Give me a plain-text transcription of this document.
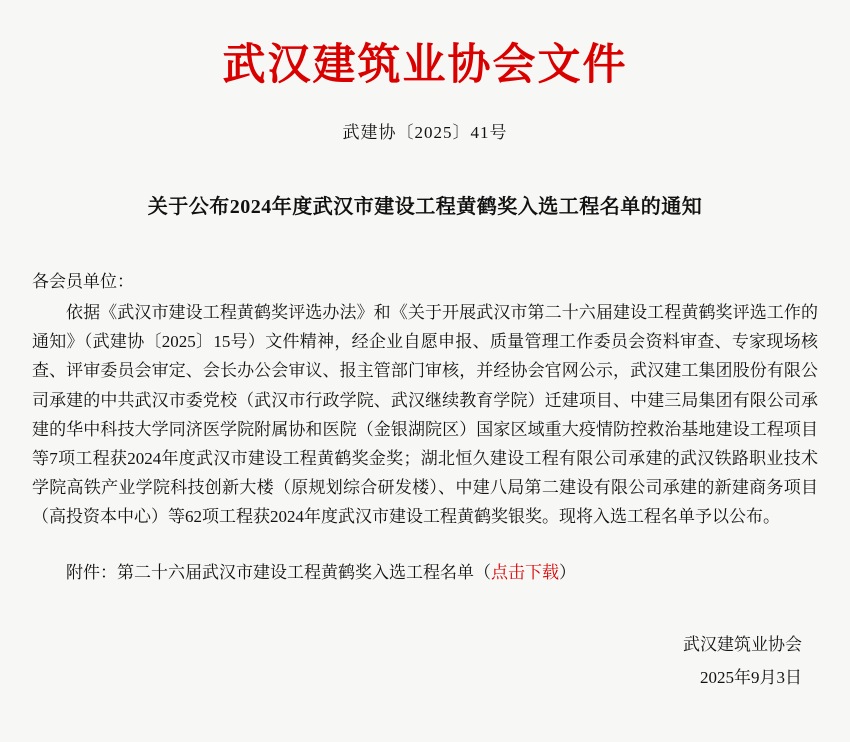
武汉建筑业协会文件
武建协〔2025〕41号
关于公布2024年度武汉市建设工程黄鹤奖入选工程名单的通知

各会员单位：

依据《武汉市建设工程黄鹤奖评选办法》和《关于开展武汉市第二十六届建设工程黄鹤奖评选工作的通知》（武建协〔2025〕15号）文件精神，经企业自愿申报、质量管理工作委员会资料审查、专家现场核查、评审委员会审定、会长办公会审议、报主管部门审核，并经协会官网公示，武汉建工集团股份有限公司承建的中共武汉市委党校（武汉市行政学院、武汉继续教育学院）迁建项目、中建三局集团有限公司承建的华中科技大学同济医学院附属协和医院（金银湖院区）国家区域重大疫情防控救治基地建设工程项目等7项工程获2024年度武汉市建设工程黄鹤奖金奖；湖北恒久建设工程有限公司承建的武汉铁路职业技术学院高铁产业学院科技创新大楼（原规划综合研发楼）、中建八局第二建设有限公司承建的新建商务项目（高投资本中心）等62项工程获2024年度武汉市建设工程黄鹤奖银奖。现将入选工程名单予以公布。

附件：第二十六届武汉市建设工程黄鹤奖入选工程名单（点击下载）
武汉建筑业协会
2025年9月3日
